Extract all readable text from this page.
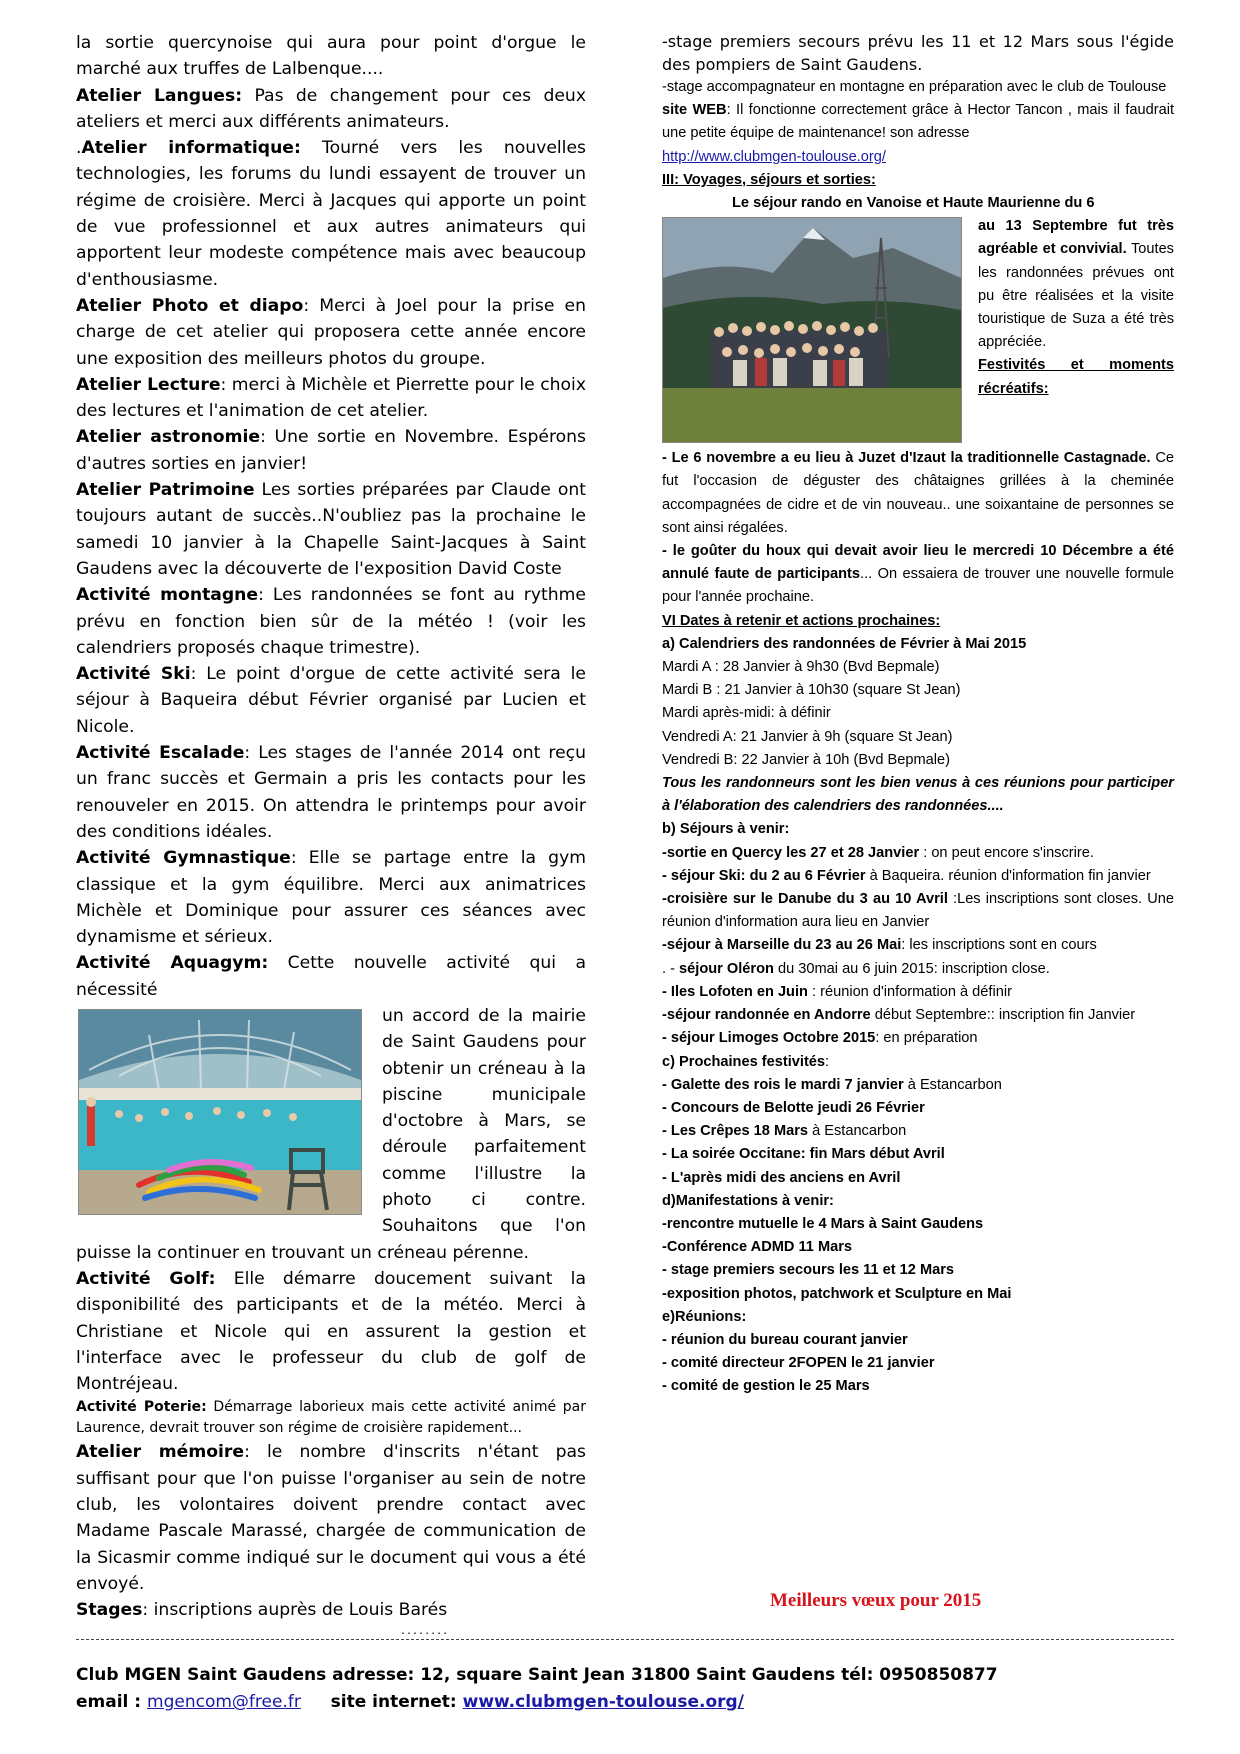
la sortie quercynoise qui aura pour point d'orgue le marché aux truffes de Lalbenque....

Atelier Langues: Pas de changement pour ces deux ateliers et merci aux différents animateurs.

.Atelier informatique: Tourné vers les nouvelles technologies, les forums du lundi essayent de trouver un régime de croisière. Merci à Jacques qui apporte un point de vue professionnel et aux autres animateurs qui apportent leur modeste compétence mais avec beaucoup d'enthousiasme.

Atelier Photo et diapo: Merci à Joel pour la prise en charge de cet atelier qui proposera cette année encore une exposition des meilleurs photos du groupe.

Atelier Lecture: merci à Michèle et Pierrette pour le choix des lectures et l'animation de cet atelier.

Atelier astronomie: Une sortie en Novembre. Espérons d'autres sorties en janvier!

Atelier Patrimoine Les sorties préparées par Claude ont toujours autant de succès..N'oubliez pas la prochaine le samedi 10 janvier à la Chapelle Saint-Jacques à Saint Gaudens avec la découverte de l'exposition David Coste

Activité montagne: Les randonnées se font au rythme prévu en fonction bien sûr de la météo ! (voir les calendriers proposés chaque trimestre).

Activité Ski: Le point d'orgue de cette activité sera le séjour à Baqueira début Février organisé par Lucien et Nicole.

Activité Escalade: Les stages de l'année 2014 ont reçu un franc succès et Germain a pris les contacts pour les renouveler en 2015. On attendra le printemps pour avoir des conditions idéales.

Activité Gymnastique: Elle se partage entre la gym classique et la gym équilibre. Merci aux animatrices Michèle et Dominique pour assurer ces séances avec dynamisme et sérieux.

Activité Aquagym: Cette nouvelle activité qui a nécessité

un accord de la mairie de Saint Gaudens pour obtenir un créneau à la piscine municipale d'octobre à Mars, se déroule parfaitement comme l'illustre la photo ci contre. Souhaitons que l'on puisse la continuer en trouvant un créneau pérenne.

Activité Golf: Elle démarre doucement suivant la disponibilité des participants et de la météo. Merci à Christiane et Nicole qui en assurent la gestion et l'interface avec le professeur du club de golf de Montréjeau.

Activité Poterie: Démarrage laborieux mais cette activité animé par Laurence, devrait trouver son régime de croisière rapidement...

Atelier mémoire: le nombre d'inscrits n'étant pas suffisant pour que l'on puisse l'organiser au sein de notre club, les volontaires doivent prendre contact avec Madame Pascale Marassé, chargée de communication de la Sicasmir comme indiqué sur le document qui vous a été envoyé.

Stages: inscriptions auprès de Louis Barés

-stage premiers secours prévu les 11 et 12 Mars sous l'égide des pompiers de Saint Gaudens.

-stage accompagnateur en montagne en préparation avec le club de Toulouse

site WEB: Il fonctionne correctement grâce à Hector Tancon , mais il faudrait une petite équipe de maintenance! son adresse
http://www.clubmgen-toulouse.org/

III: Voyages, séjours et sorties:

Le séjour rando en Vanoise et Haute Maurienne du 6

au 13 Septembre fut très agréable et convivial. Toutes les randonnées prévues ont pu être réalisées et la visite touristique de Suza a été très appréciée.

Festivités et moments récréatifs:

- Le 6 novembre a eu lieu à Juzet d'Izaut la traditionnelle Castagnade. Ce fut l'occasion de déguster des châtaignes grillées à la cheminée accompagnées de cidre et de vin nouveau.. une soixantaine de personnes se sont ainsi régalées.

- le goûter du houx qui devait avoir lieu le mercredi 10 Décembre a été annulé faute de participants... On essaiera de trouver une nouvelle formule pour l'année prochaine.

VI Dates à retenir et actions prochaines:

a) Calendriers des randonnées de Février à Mai 2015

Mardi A : 28 Janvier à 9h30 (Bvd Bepmale)
Mardi B : 21 Janvier à 10h30 (square St Jean)
Mardi après-midi: à définir
Vendredi A: 21 Janvier à 9h (square St Jean)
Vendredi B: 22 Janvier à 10h (Bvd Bepmale)

Tous les randonneurs sont les bien venus à ces réunions pour participer à l'élaboration des calendriers des randonnées....

b) Séjours à venir:

-sortie en Quercy les 27 et 28 Janvier : on peut encore s'inscrire.

- séjour Ski: du 2 au 6 Février à Baqueira. réunion d'information fin janvier

-croisière sur le Danube du 3 au 10 Avril :Les inscriptions sont closes. Une réunion d'information aura lieu en Janvier

-séjour à Marseille du 23 au 26 Mai: les inscriptions sont en cours

. - séjour Oléron du 30mai au 6 juin 2015: inscription close.

- Iles Lofoten en Juin : réunion d'information à définir

-séjour randonnée en Andorre début Septembre:: inscription fin Janvier

- séjour Limoges Octobre 2015: en préparation

c) Prochaines festivités:

- Galette des rois le mardi 7 janvier à Estancarbon

- Concours de Belotte jeudi 26 Février

- Les Crêpes 18 Mars à Estancarbon

- La soirée Occitane: fin Mars début Avril

- L'après midi des anciens en Avril

d)Manifestations à venir:

-rencontre mutuelle le 4 Mars à Saint Gaudens
-Conférence ADMD 11 Mars
- stage premiers secours les 11 et 12 Mars
-exposition photos, patchwork et Sculpture en Mai

e)Réunions:

- réunion du bureau courant janvier
- comité directeur 2FOPEN le 21 janvier
- comité de gestion le 25 Mars
Meilleurs vœux pour 2015
........
Club MGEN Saint Gaudens adresse: 12, square Saint Jean 31800 Saint Gaudens tél: 0950850877
email : mgencom@free.fr site internet: www.clubmgen-toulouse.org/
